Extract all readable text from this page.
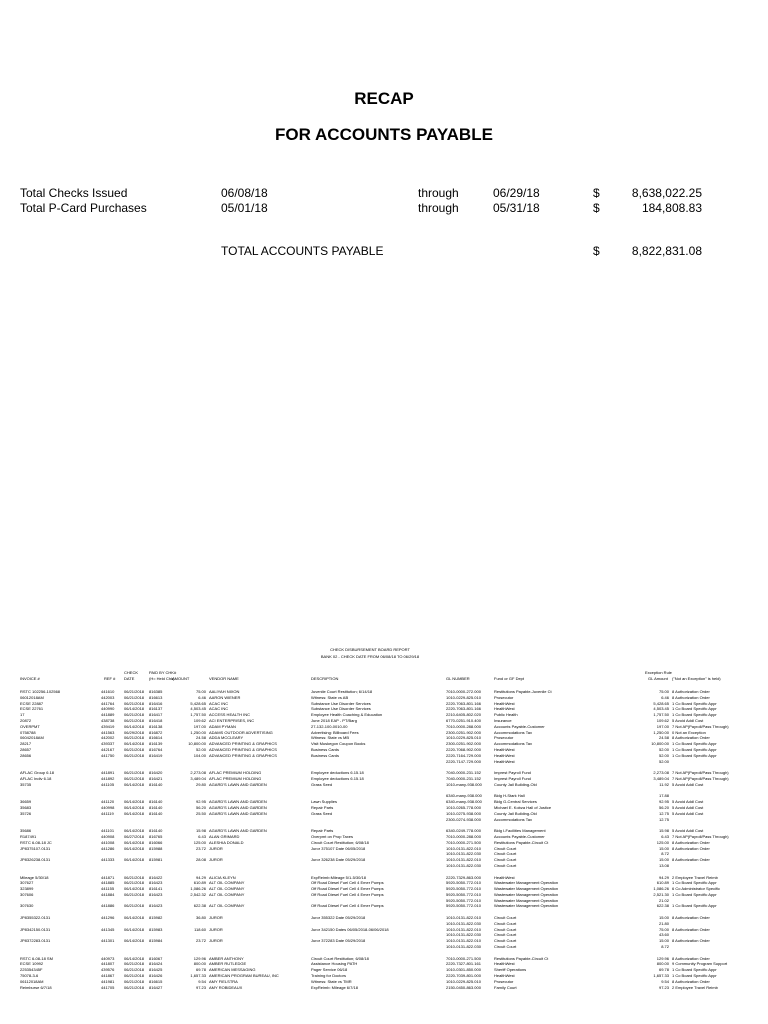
RECAP
FOR ACCOUNTS PAYABLE
Total Checks Issued	06/08/18	through	06/29/18	$	8,638,022.25
Total P-Card Purchases	05/01/18	through	05/31/18	$	184,808.83
TOTAL ACCOUNTS PAYABLE	$	8,822,831.08
CHECK DISBURSEMENT BOARD REPORT
BANK 02 - CHECK DATE FROM 06/08/18 TO 06/29/18
CHECK	PAID BY CHK#	Exception Rule
INVOICE #	REF # DATE	(H= Held Chk)
AMOUNT	VENDOR NAME	DESCRIPTION	GL NUMBER	Fund or GF Dept	GL Amount ("Not an Exception" is held)
RSTC 102256-102568	441610 06/21/2018 816385	75.00 AALIYAH NIXON	Juvenile Court Restitution; 6/14/18	7010-0000-272.000	Restitutions Payable-Juvenile Ct	75.00 8 Authorization Order
06012018AM	442003 06/21/2018 816613	6.46 AARON WIENER	Witness: State vs AB	1010-0229-825.010	Prosecutor	6.46 8 Authorization Order
ECSE 22887	441764 06/21/2018 816416	5,428.65 ACAC INC	Substance Use Disorder Services	2220-7063-801.166	HealthWest	5,428.65 1 Co Board Specific Appr
ECSE 22761	440990 06/14/2018 816137	4,503.45 ACAC INC	Substance Use Disorder Services	2220-7063-801.166	HealthWest	4,503.45 1 Co Board Specific Appr
17	441889 06/21/2018 816417	1,757.50 ACCESS HEALTH INC	Employee Health Coaching & Education	2210-6405-802.020	Public Health	1,757.50 1 Co Board Specific Appr
20872	438738 06/21/2018 816418	109.62 ACI ENTERPRISES, INC	June 2018 EAP - PT/Barg	6770-0251-910.400	Insurance	109.62 5 Avoid Addl Cost
OVERPMT	439419 06/14/2018 816138	197.00 ADAM PYMAN	27-132-100-0010-00	7010-0000-288.000	Accounts Payable-Customer	197.00 7 Not AP(Payroll/Pass Through)
0758788	441563 06/29/2018 816872	1,250.00 ADAMS OUTDOOR ADVERTISING	Advertising: Billboard Fees	2300-0251-902.000	Accommodations Tax	1,250.00 0 Not an Exception
06042018AM	442002 06/21/2018 816614	24.58 ADDA MCCLEARY	Witness: State vs MB	1010-0229-825.010	Prosecutor	24.58 8 Authorization Order
28217	439337 06/14/2018 816139	10,800.00 ADVANCED PRINTING & GRAPHICS	Visit Muskegon Coupon Books	2300-0251-902.000	Accommodations Tax	10,800.00 1 Co Board Specific Appr
28657	442167 06/21/2018 816764	52.00 ADVANCED PRINTING & GRAPHICS	Business Cards	2220-7068-902.000	HealthWest	52.00 1 Co Board Specific Appr
28656	441750 06/21/2018 816419	104.00 ADVANCED PRINTING & GRAPHICS	Business Cards	2220-7164-729.000	HealthWest	52.00 1 Co Board Specific Appr
2220-7147-729.000	HealthWest	52.00
AFLAC Group 6.18	441891 06/21/2018 816420	2,273.08 AFLAC PREMIUM HOLDING	Employee deductions 6.15.18	7040-0000-231.152	Imprest Payroll Fund	2,273.08 7 Not AP(Payroll/Pass Through)
AFLAC Indiv 6.18	441892 06/21/2018 816421	3,489.04 AFLAC PREMIUM HOLDING	Employee deductions 6.15.18	7040-0000-231.152	Imprest Payroll Fund	3,489.04 7 Not AP(Payroll/Pass Through)
35735	441105 06/14/2018 816140	29.80 AGARD'S LAWN AND GARDEN	Grass Seed	1010-many-938.000	County Jail Building-Old	11.92 5 Avoid Addl Cost
6340-many-938.000	Bldg H-Stark Hall	17.88
36659	441120 06/14/2018 816140	92.95 AGARD'S LAWN AND GARDEN	Lawn Supplies	6340-many-938.000	Bldg G-Central Services	92.95 5 Avoid Addl Cost
35683	440998 06/14/2018 816140	56.20 AGARD'S LAWN AND GARDEN	Repair Parts	1010-0265-778.000	Michael E. Kobza Hall of Justice	56.20 5 Avoid Addl Cost
35726	441119	06/14/2018 816140	25.50 AGARD'S LAWN AND GARDEN	Grass Seed	1010-0275-938.000	County Jail Building-Old	12.75 5 Avoid Addl Cost
2300-0274-938.000	Accommodations Tax	12.75
35686	441101 06/14/2018 816140	15.98 AGARD'S LAWN AND GARDEN	Repair Parts	6340-0249-778.000	Bldg I-Facilities Management	15.98 5 Avoid Addl Cost
R187491	440908 06/27/2018 816765	6.43 ALAN GRIMARD	Overpmt on Prop Taxes	7010-0000-288.000	Accounts Payable-Customer	6.43 7 Not AP(Payroll/Pass Through)
RSTC 6-08-18 JC	441008 06/14/2018 816066	125.00 ALESHIA DONALD	Circuit Court Restitution; 6/08/18	7010-0000-271.500	Restitutions Payable-Circuit Ct	125.00 8 Authorization Order
JP8375107.0131	441286 06/14/2018 815988	23.72 JUROR	Juror 375107 Date 06/05/2018	1010-0131-822.010	Circuit Court	15.00 8 Authorization Order
1010-0131-822.030	Circuit Court	8.72
JP8326238.0131	441333 06/14/2018 815981	28.08 JUROR	Juror 326238 Date 05/29/2018	1010-0131-822.010	Circuit Court	15.00 8 Authorization Order
1010-0131-822.030	Circuit Court	13.08
Mileage 5/30/18	441871 06/21/2018 816422	94.29 ALICIA KLEYN	ExpReimb:Mileage 5/1-5/30/18	2220-7329-863.000	HealthWest	94.29 2 Employee Travel Reimb
307627	441885 06/21/2018 816423	610.89 ALT OIL COMPANY	Off Road Diesel Fuel Cell 4 Emer Pumps	5920-5050-772.010	Wastewater Management Operation	610.89 1 Co Board Specific Appr
323899	441155 06/14/2018 816141	1,086.26 ALT OIL COMPANY	Off Road Diesel Fuel Cell 4 Emer Pumps	5920-5050-772.010	Wastewater Management Operation	1,086.26 6 Co Administrator Specific
307606	441884 06/21/2018 816423	2,542.32 ALT OIL COMPANY	Off Road Diesel Fuel Cell 4 Emer Pumps	5920-5050-772.010	Wastewater Management Operation	2,521.30 1 Co Board Specific Appr
5920-5050-772.010	Wastewater Management Operation	21.02
307630	441886 06/21/2018 816423	622.38 ALT OIL COMPANY	Off Road Diesel Fuel Cell 4 Emer Pumps	5920-5050-772.010	Wastewater Management Operation	622.38 1 Co Board Specific Appr
JP8355322.0131	441296 06/14/2018 815982	36.80 JUROR	Juror 355322 Date 05/29/2018	1010-0131-822.010	Circuit Court	15.00 8 Authorization Order
1010-0131-822.030	Circuit Court	21.80
JP8342150.0131	441345 06/14/2018 815983	118.60 JUROR	Juror 342150 Dates 06/05/2018-06/06/2018	1010-0131-822.010	Circuit Court	75.00 8 Authorization Order
1010-0131-822.030	Circuit Court	43.60
JP8372283.0131	441301 06/14/2018 815984	23.72 JUROR	Juror 372283 Date 05/29/2018	1010-0131-822.010	Circuit Court	15.00 8 Authorization Order
1010-0131-822.030	Circuit Court	8.72
RSTC 6-08-18 SM	440973 06/14/2018 816067	129.96 AMBER ANTHONY	Circuit Court Restitution; 6/08/18	7010-0000-271.500	Restitutions Payable-Circuit Ct	129.96 8 Authorization Order
ECSE 10992	441807 06/21/2018 816424	800.00 AMBER RUTLEDGE	Assistance Housing PATH	2220-7327-801.161	HealthWest	800.00 9 Community Program Support
225354345F	439576 06/21/2018 816425	69.78 AMERICAN MESSAGING	Pager Service 06/18	1010-0301-850.000	Sheriff Operations	69.78 1 Co Board Specific Appr
75078-3-6	441867 06/21/2018 816426	1,657.33 AMERICAN PROGRAM BUREAU, INC	Training for Doctors	2220-7039-801.000	HealthWest	1,657.33 1 Co Board Specific Appr
06112018AM	441981 06/21/2018 816615	9.54 AMY FIELSTRA	Witness: State vs TMR	1010-0229-825.010	Prosecutor	9.54 8 Authorization Order
Reimburse 6/7/18	441705 06/21/2018 816427	97.23 AMY ROBIDEAUX	ExpReimb: Mileage 6/7/18	2150-0450-863.000	Family Court	97.23 2 Employee Travel Reimb
